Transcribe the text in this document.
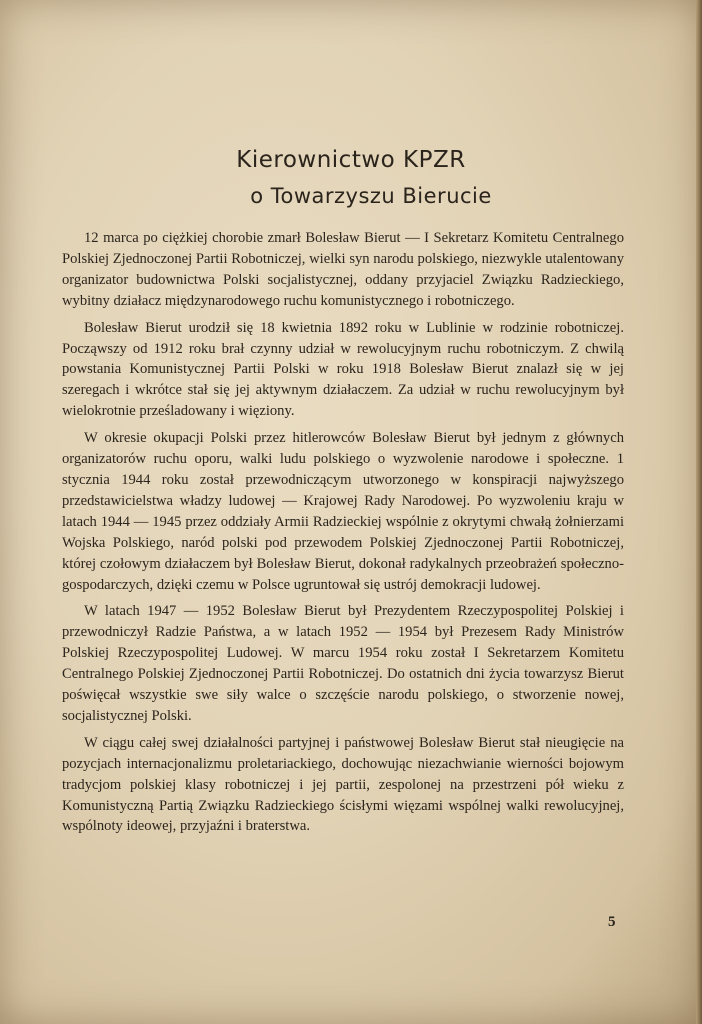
Kierownictwo KPZR
o Towarzyszu Bierucie

12 marca po ciężkiej chorobie zmarł Bolesław Bierut — I Sekretarz Komitetu Centralnego Polskiej Zjednoczonej Partii Robotniczej, wielki syn narodu polskiego, niezwykle utalentowany organizator budownictwa Polski socjalistycznej, oddany przyjaciel Związku Radzieckiego, wybitny działacz międzynarodowego ruchu komunistycznego i robotniczego.

Bolesław Bierut urodził się 18 kwietnia 1892 roku w Lublinie w rodzinie robotniczej. Począwszy od 1912 roku brał czynny udział w rewolucyjnym ruchu robotniczym. Z chwilą powstania Komunistycznej Partii Polski w roku 1918 Bolesław Bierut znalazł się w jej szeregach i wkrótce stał się jej aktywnym działaczem. Za udział w ruchu rewolucyjnym był wielokrotnie prześladowany i więziony.

W okresie okupacji Polski przez hitlerowców Bolesław Bierut był jednym z głównych organizatorów ruchu oporu, walki ludu polskiego o wyzwolenie narodowe i społeczne. 1 stycznia 1944 roku został przewodniczącym utworzonego w konspiracji najwyższego przedstawicielstwa władzy ludowej — Krajowej Rady Narodowej. Po wyzwoleniu kraju w latach 1944 — 1945 przez oddziały Armii Radzieckiej wspólnie z okrytymi chwałą żołnierzami Wojska Polskiego, naród polski pod przewodem Polskiej Zjednoczonej Partii Robotniczej, której czołowym działaczem był Bolesław Bierut, dokonał radykalnych przeobrażeń społeczno-gospodarczych, dzięki czemu w Polsce ugruntował się ustrój demokracji ludowej.

W latach 1947 — 1952 Bolesław Bierut był Prezydentem Rzeczypospolitej Polskiej i przewodniczył Radzie Państwa, a w latach 1952 — 1954 był Prezesem Rady Ministrów Polskiej Rzeczypospolitej Ludowej. W marcu 1954 roku został I Sekretarzem Komitetu Centralnego Polskiej Zjednoczonej Partii Robotniczej. Do ostatnich dni życia towarzysz Bierut poświęcał wszystkie swe siły walce o szczęście narodu polskiego, o stworzenie nowej, socjalistycznej Polski.

W ciągu całej swej działalności partyjnej i państwowej Bolesław Bierut stał nieugięcie na pozycjach internacjonalizmu proletariackiego, dochowując niezachwianie wierności bojowym tradycjom polskiej klasy robotniczej i jej partii, zespolonej na przestrzeni pół wieku z Komunistyczną Partią Związku Radzieckiego ścisłymi więzami wspólnej walki rewolucyjnej, wspólnoty ideowej, przyjaźni i braterstwa.

5
